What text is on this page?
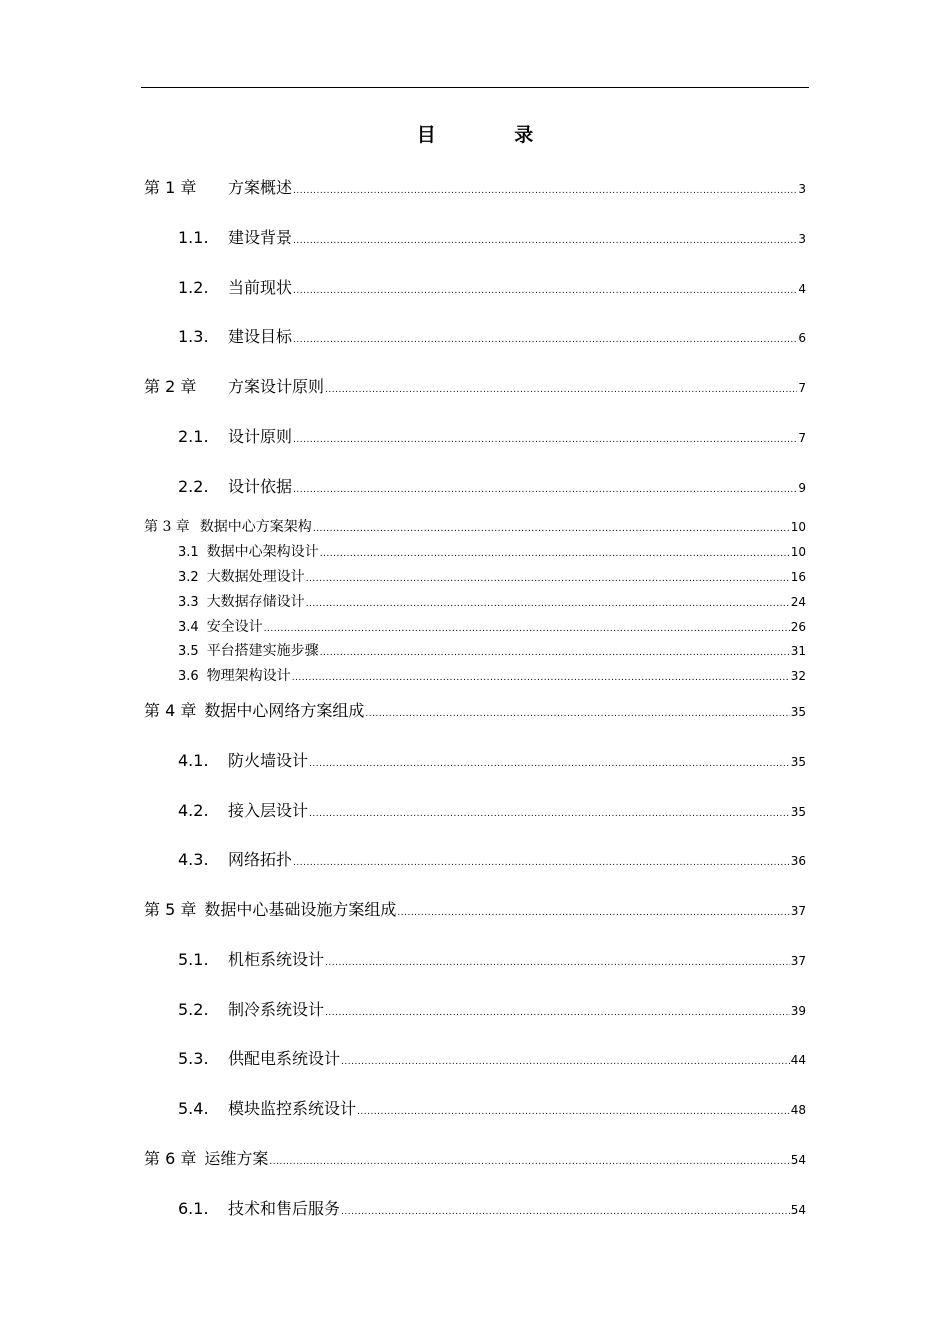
目 录
第 1 章	方案概述 .....	3
1.1.	建设背景 .....	3
1.2.	当前现状 .....	4
1.3.	建设目标 .....	6
第 2 章	方案设计原则 .....	7
2.1.	设计原则 .....	7
2.2.	设计依据 .....	9
第 3 章 数据中心方案架构 .....	10
3.1 数据中心架构设计 .....	10
3.2 大数据处理设计 .....	16
3.3 大数据存储设计 .....	24
3.4 安全设计 .....	26
3.5 平台搭建实施步骤 .....	31
3.6 物理架构设计 .....	32
第 4 章 数据中心网络方案组成 .....	35
4.1.	防火墙设计 .....	35
4.2.	接入层设计 .....	35
4.3.	网络拓扑 .....	36
第 5 章 数据中心基础设施方案组成 .....	37
5.1.	机柜系统设计 .....	37
5.2.	制冷系统设计 .....	39
5.3.	供配电系统设计 .....	44
5.4.	模块监控系统设计 .....	48
第 6 章 运维方案 .....	54
6.1.	技术和售后服务 .....	54
